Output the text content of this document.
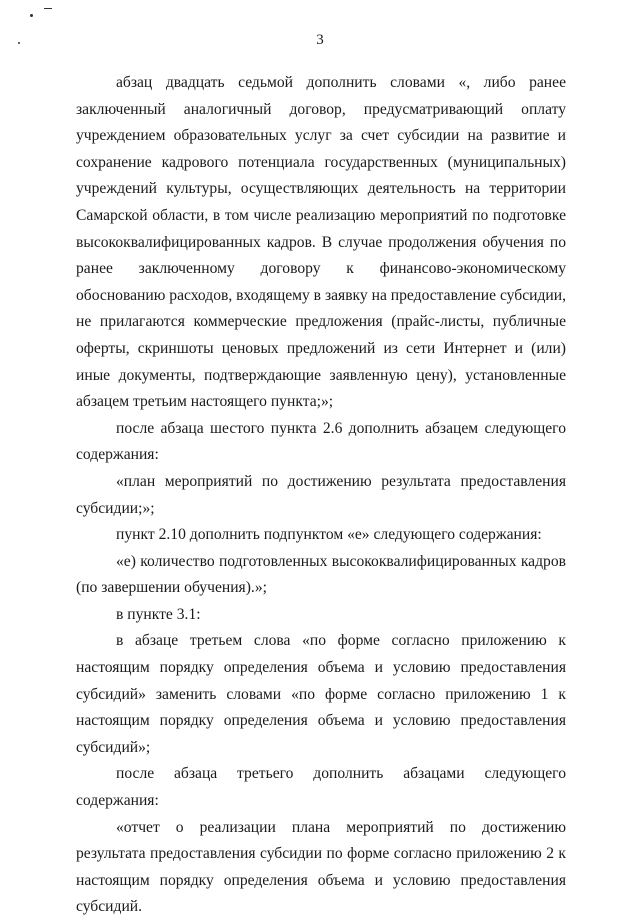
3

абзац двадцать седьмой дополнить словами «, либо ранее заключенный аналогичный договор, предусматривающий оплату учреждением образовательных услуг за счет субсидии на развитие и сохранение кадрового потенциала государственных (муниципальных) учреждений культуры, осуществляющих деятельность на территории Самарской области, в том числе реализацию мероприятий по подготовке высококвалифицированных кадров. В случае продолжения обучения по ранее заключенному договору к финансово-экономическому обоснованию расходов, входящему в заявку на предоставление субсидии, не прилагаются коммерческие предложения (прайс-листы, публичные оферты, скриншоты ценовых предложений из сети Интернет и (или) иные документы, подтверждающие заявленную цену), установленные абзацем третьим настоящего пункта;»;

после абзаца шестого пункта 2.6 дополнить абзацем следующего содержания:

«план мероприятий по достижению результата предоставления субсидии;»;

пункт 2.10 дополнить подпунктом «е» следующего содержания:

«е) количество подготовленных высококвалифицированных кадров (по завершении обучения).»;

в пункте 3.1:

в абзаце третьем слова «по форме согласно приложению к настоящим порядку определения объема и условию предоставления субсидий» заменить словами «по форме согласно приложению 1 к настоящим порядку определения объема и условию предоставления субсидий»;

после абзаца третьего дополнить абзацами следующего содержания:

«отчет о реализации плана мероприятий по достижению результата предоставления субсидии по форме согласно приложению 2 к настоящим порядку определения объема и условию предоставления субсидий.
